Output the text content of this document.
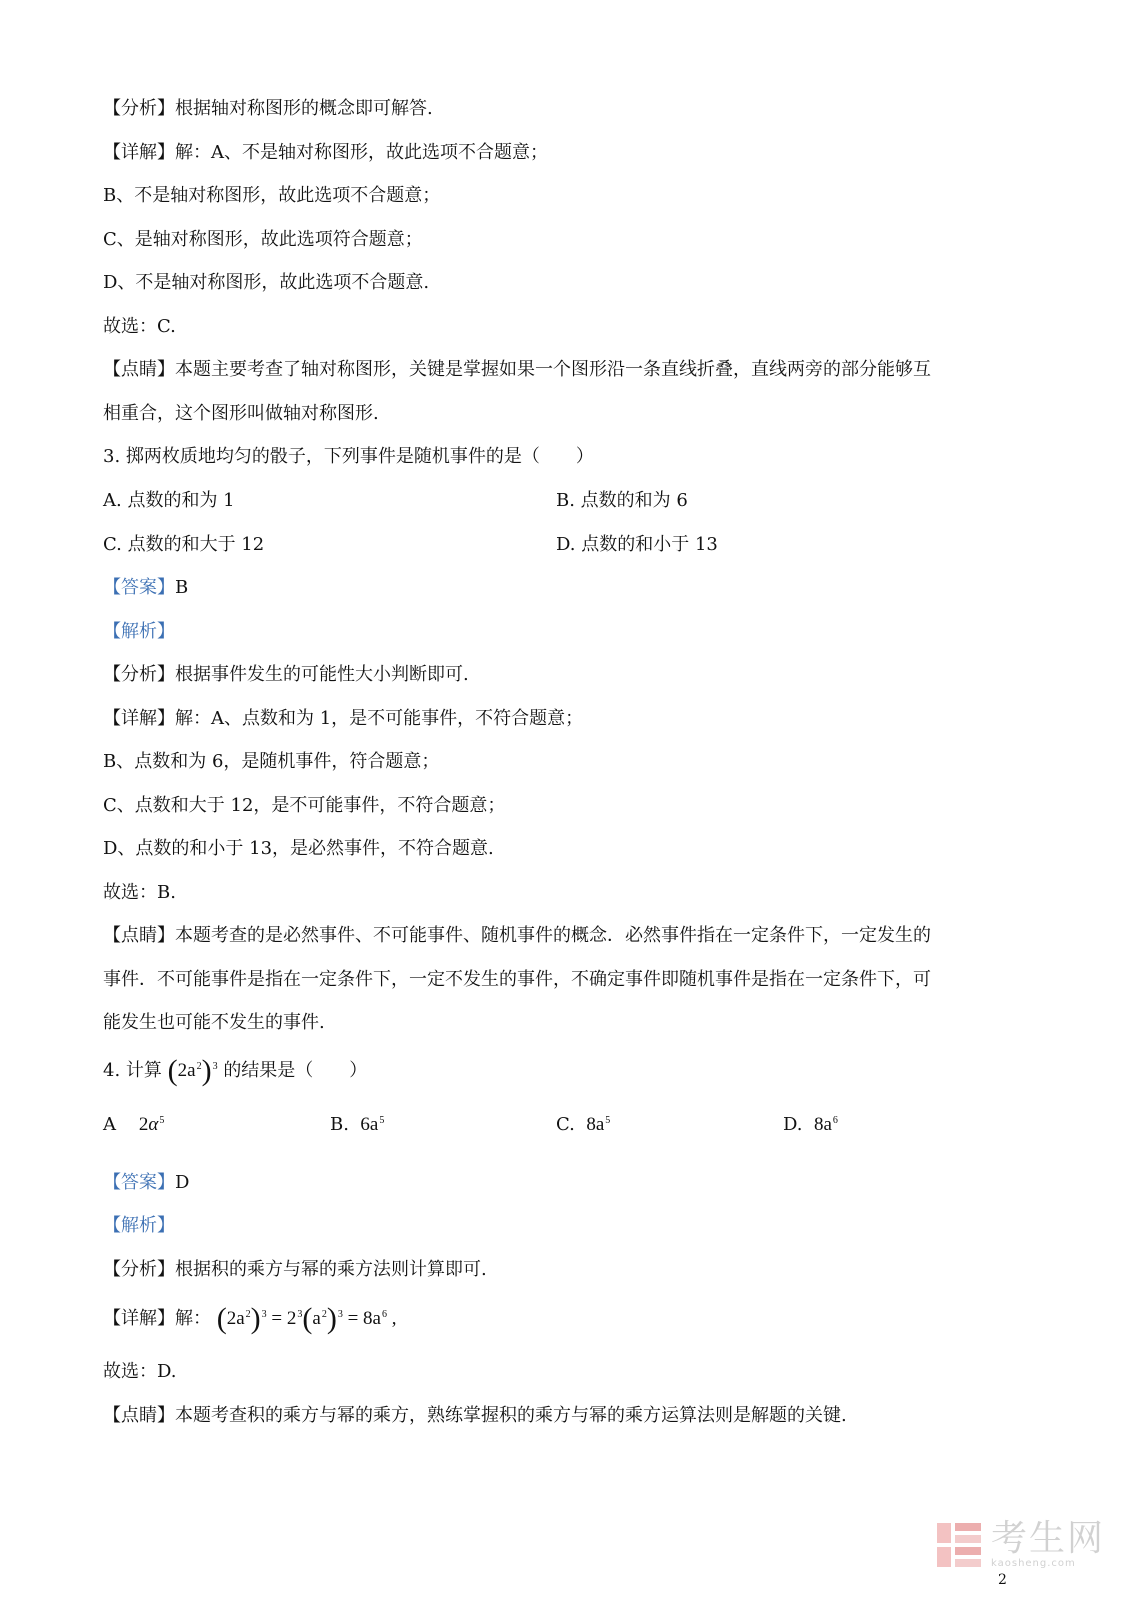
【分析】根据轴对称图形的概念即可解答.
【详解】解：A、不是轴对称图形，故此选项不合题意；
B、不是轴对称图形，故此选项不合题意；
C、是轴对称图形，故此选项符合题意；
D、不是轴对称图形，故此选项不合题意.
故选：C.
【点睛】本题主要考查了轴对称图形，关键是掌握如果一个图形沿一条直线折叠，直线两旁的部分能够互
相重合，这个图形叫做轴对称图形.
3. 掷两枚质地均匀的骰子，下列事件是随机事件的是（　　）
A. 点数的和为 1	B. 点数的和为 6
C. 点数的和大于 12	D. 点数的和小于 13
【答案】B
【解析】
【分析】根据事件发生的可能性大小判断即可.
【详解】解：A、点数和为 1，是不可能事件，不符合题意；
B、点数和为 6，是随机事件，符合题意；
C、点数和大于 12，是不可能事件，不符合题意；
D、点数的和小于 13，是必然事件，不符合题意.
故选：B.
【点睛】本题考查的是必然事件、不可能事件、随机事件的概念．必然事件指在一定条件下，一定发生的
事件．不可能事件是指在一定条件下，一定不发生的事件，不确定事件即随机事件是指在一定条件下，可
能发生也可能不发生的事件.
4. 计算 $(2a^2)^3$ 的结果是（　　）
A $2\alpha^5$	B. $6a^5$	C. $8a^5$	D. $8a^6$
【答案】D
【解析】
【分析】根据积的乘方与幂的乘方法则计算即可.
【详解】解： $(2a^2)^3 = 2^3(a^2)^3 = 8a^6$ ,
故选：D.
【点睛】本题考查积的乘方与幂的乘方，熟练掌握积的乘方与幂的乘方运算法则是解题的关键.
考生网
kaosheng.com
2
